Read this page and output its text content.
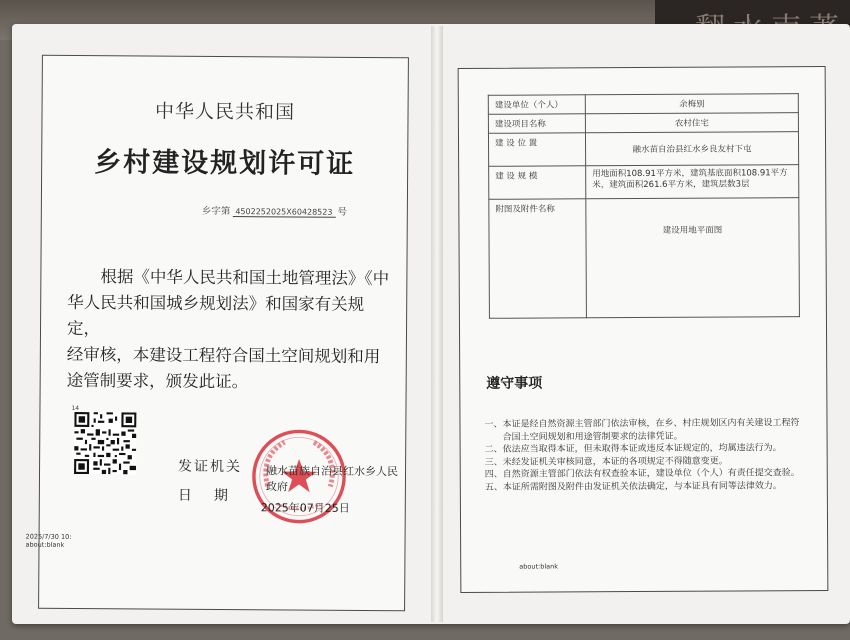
中华人民共和国
乡村建设规划许可证
乡字第 4502252025X60428523 号
根据《中华人民共和国土地管理法》《中华人民共和国城乡规划法》和国家有关规定，
经审核，本建设工程符合国土空间规划和用途管制要求，颁发此证。
14
发证机关 融水苗族自治县红水乡人民政府
日期
2025年07月25日
2025/7/30 10:
about:blank
建设单位（个人）	余梅别
建设项目名称	农村住宅
建 设 位 置	融水苗自治县红水乡良友村下屯
建 设 规 模	用地面积108.91平方米，建筑基底面积108.91平方米，建筑面积261.6平方米，建筑层数3层
附图及附件名称	建设用地平面图
遵守事项
一、 本证是经自然资源主管部门依法审核，在乡、村庄规划区内有关建设工程符合国土空间规划和用途管制要求的法律凭证。
二、 依法应当取得本证，但未取得本证或违反本证规定的，均属违法行为。
三、 未经发证机关审核同意，本证的各项规定不得随意变更。
四、 自然资源主管部门依法有权查验本证，建设单位（个人）有责任提交查验。
五、 本证所需附图及附件由发证机关依法确定，与本证具有同等法律效力。
about:blank
